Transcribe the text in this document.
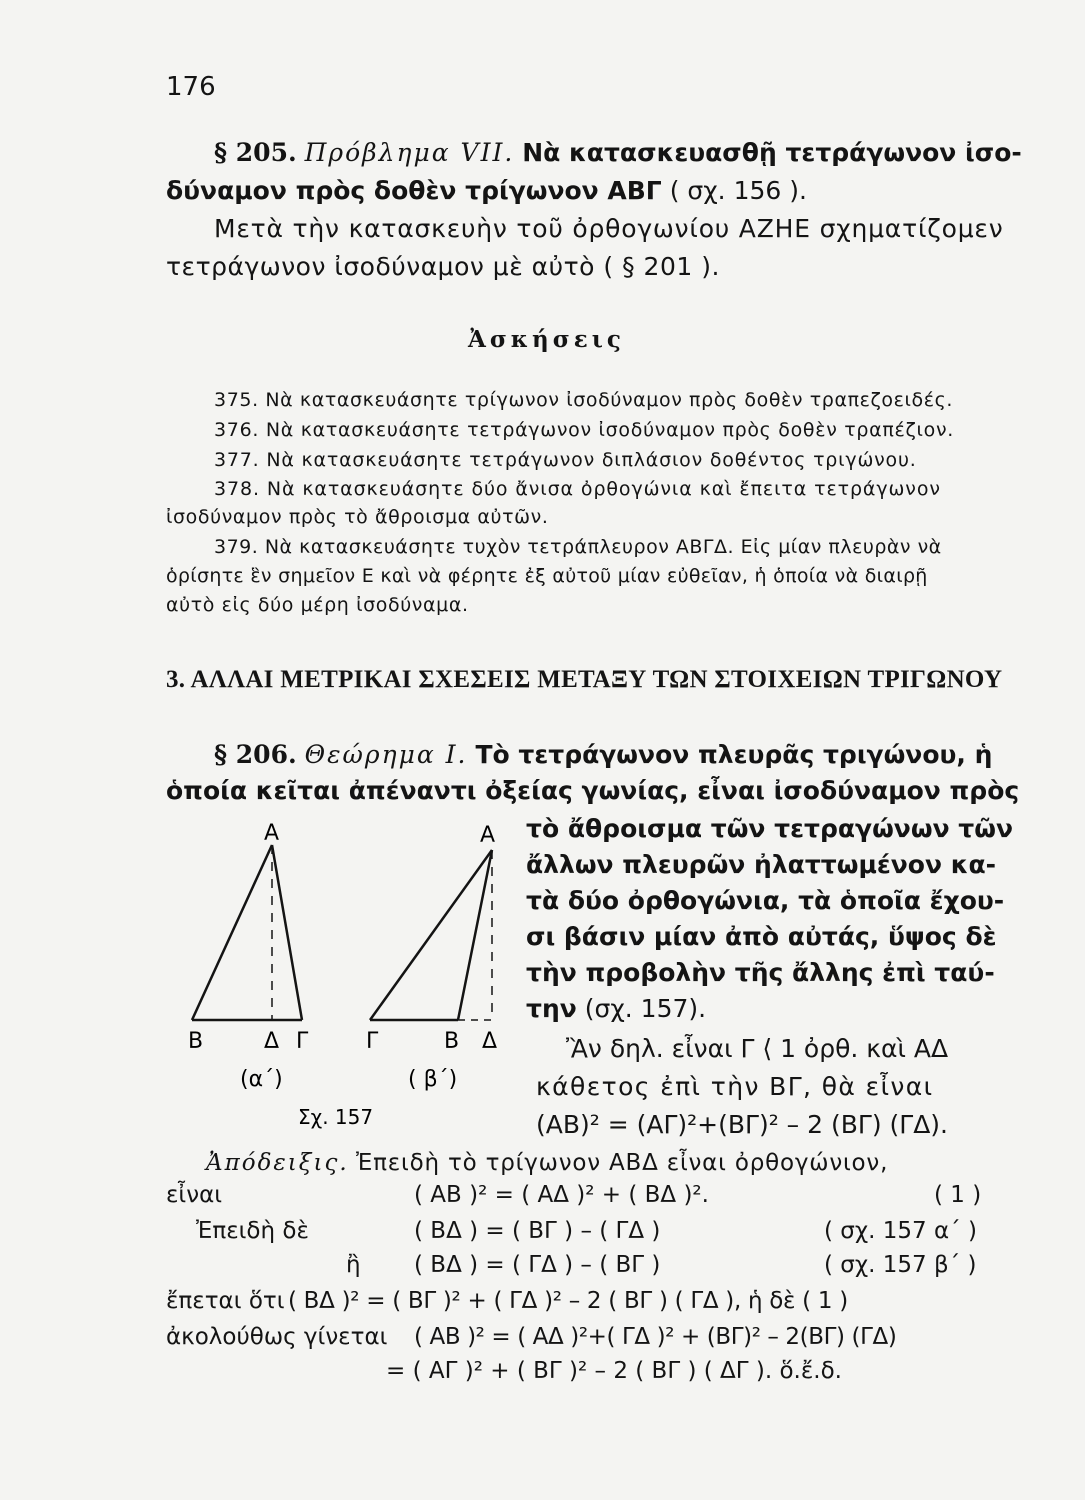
176
§ 205. Πρόβλημα VII. Νὰ κατασκευασθῇ τετράγωνον ἰσο-
δύναμον πρὸς δοθὲν τρίγωνον ΑΒΓ ( σχ. 156 ).
Μετὰ τὴν κατασκευὴν τοῦ ὀρθογωνίου ΑΖΗΕ σχηματίζομεν
τετράγωνον ἰσοδύναμον μὲ αὐτὸ ( § 201 ).
Ἀσκήσεις
375. Νὰ κατασκευάσητε τρίγωνον ἰσοδύναμον πρὸς δοθὲν τραπεζοειδές.
376. Νὰ κατασκευάσητε τετράγωνον ἰσοδύναμον πρὸς δοθὲν τραπέζιον.
377. Νὰ κατασκευάσητε τετράγωνον διπλάσιον δοθέντος τριγώνου.
378. Νὰ κατασκευάσητε δύο ἄνισα ὀρθογώνια καὶ ἔπειτα τετράγωνον
ἰσοδύναμον πρὸς τὸ ἄθροισμα αὐτῶν.
379. Νὰ κατασκευάσητε τυχὸν τετράπλευρον ΑΒΓΔ. Εἰς μίαν πλευρὰν νὰ
ὁρίσητε ἓν σημεῖον Ε καὶ νὰ φέρητε ἐξ αὐτοῦ μίαν εὐθεῖαν, ἡ ὁποία νὰ διαιρῇ
αὐτὸ εἰς δύο μέρη ἰσοδύναμα.
3. ΑΛΛΑΙ ΜΕΤΡΙΚΑΙ ΣΧΕΣΕΙΣ ΜΕΤΑΞΥ ΤΩΝ ΣΤΟΙΧΕΙΩΝ ΤΡΙΓΩΝΟΥ
§ 206. Θεώρημα Ι. Τὸ τετράγωνον πλευρᾶς τριγώνου, ἡ
ὁποία κεῖται ἀπέναντι ὀξείας γωνίας, εἶναι ἰσοδύναμον πρὸς
τὸ ἄθροισμα τῶν τετραγώνων τῶν
ἄλλων πλευρῶν ἠλαττωμένον κα-
τὰ δύο ὀρθογώνια, τὰ ὁποῖα ἔχου-
σι βάσιν μίαν ἀπὸ αὐτάς, ὕψος δὲ
τὴν προβολὴν τῆς ἄλλης ἐπὶ ταύ-
την (σχ. 157).
Ἂν δηλ. εἶναι Γ ⟨ 1 ὀρθ. καὶ ΑΔ
κάθετος ἐπὶ τὴν ΒΓ, θὰ εἶναι
(ΑΒ)² = (ΑΓ)²+(ΒΓ)² – 2 (ΒΓ) (ΓΔ).
Α
Β	Δ Γ
(α΄)
Α
Γ	Β Δ
( β΄)
Σχ. 157
Ἀπόδειξις. Ἐπειδὴ τὸ τρίγωνον ΑΒΔ εἶναι ὀρθογώνιον,
εἶναι	( ΑΒ )² = ( ΑΔ )² + ( ΒΔ )².	( 1 )
Ἐπειδὴ δὲ	( ΒΔ ) = ( ΒΓ ) – ( ΓΔ )	( σχ. 157 α΄ )
ἢ ( ΒΔ ) = ( ΓΔ ) – ( ΒΓ )	( σχ. 157 β΄ )
ἔπεται ὅτι ( ΒΔ )² = ( ΒΓ )² + ( ΓΔ )² – 2 ( ΒΓ ) ( ΓΔ ), ἡ δὲ ( 1 )
ἀκολούθως γίνεται ( ΑΒ )² = ( ΑΔ )²+( ΓΔ )² + (ΒΓ)² – 2(ΒΓ) (ΓΔ)
= ( ΑΓ )² + ( ΒΓ )² – 2 ( ΒΓ ) ( ΔΓ ). ὅ.ἔ.δ.
